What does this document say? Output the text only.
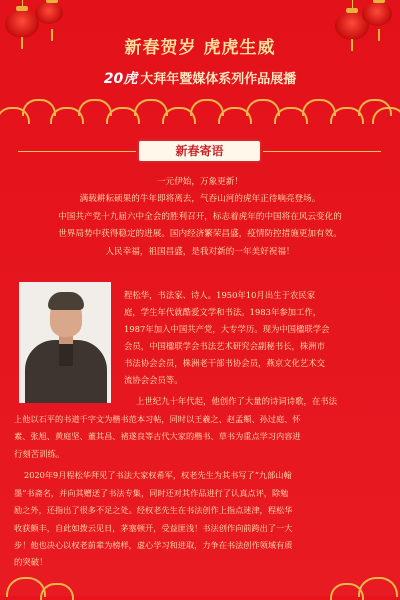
新春贺岁 虎虎生威
20虎 大拜年暨媒体系列作品展播
新春寄语
一元伊始，万象更新！
满载耕耘硕果的牛年即将离去，气吞山河的虎年正待响亮登场。
中国共产党十九届六中全会的胜利召开，标志着虎年的中国将在风云变化的
世界局势中获得稳定的进展。国内经济繁荣昌盛，疫情防控措施更加有效。
人民幸福，祖国昌盛，是我对新的一年美好祝福！
程松华，书法家、诗人。1950年10月出生于农民家
庭，学生年代就酷爱文学和书法。1983年参加工作，
1987年加入中国共产党，大专学历。现为中国楹联学会
会员，中国楹联学会书法艺术研究会副秘书长，株洲市
书法协会会员，株洲老干部书协会员，燕京文化艺术交
流协会会员等。
上世纪九十年代起，他创作了大量的诗词诗歌，在书法
上他以石平的书道千字文为楷书范本习帖，同时以王羲之、赵孟頫、孙过庭、怀
素、张旭、黄庭坚、董其昌、褚遂良等古代大家的楷书、草书为重点学习内容进
行刻苦训练。
2020年9月程松华拜见了书法大家权希军，权老先生为其书写了“九部山翰
墨”书斋名，并向其赠送了书法专集，同时还对其作品进行了认真点评，除勉
励之外，还指出了很多不足之处。经权老先生在书法创作上指点迷津，程松华
收获颇丰，自此如拨云见日，茅塞顿开，受益匪浅！书法创作向前跨出了一大
步！他也决心以权老前辈为榜样，虚心学习和进取，力争在书法创作领域有质
的突破！
